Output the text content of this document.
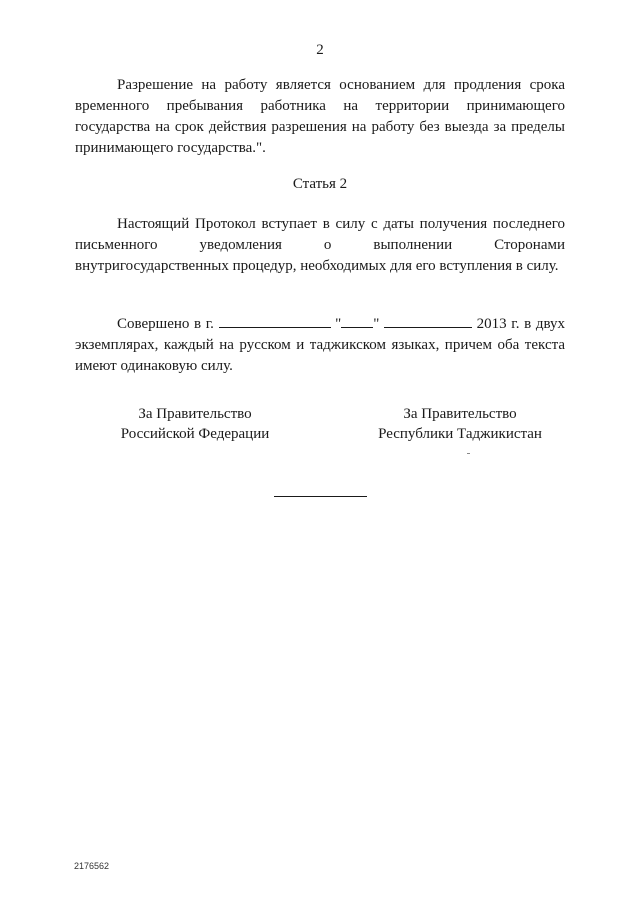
2
Разрешение на работу является основанием для продления срока временного пребывания работника на территории принимающего государства на срок действия разрешения на работу без выезда за пределы принимающего государства.".
Статья 2
Настоящий Протокол вступает в силу с даты получения последнего письменного уведомления о выполнении Сторонами внутригосударственных процедур, необходимых для его вступления в силу.
Совершено в г.	" "	2013 г. в двух экземплярах, каждый на русском и таджикском языках, причем оба текста имеют одинаковую силу.
За Правительство
Российской Федерации
За Правительство
Республики Таджикистан
2176562
